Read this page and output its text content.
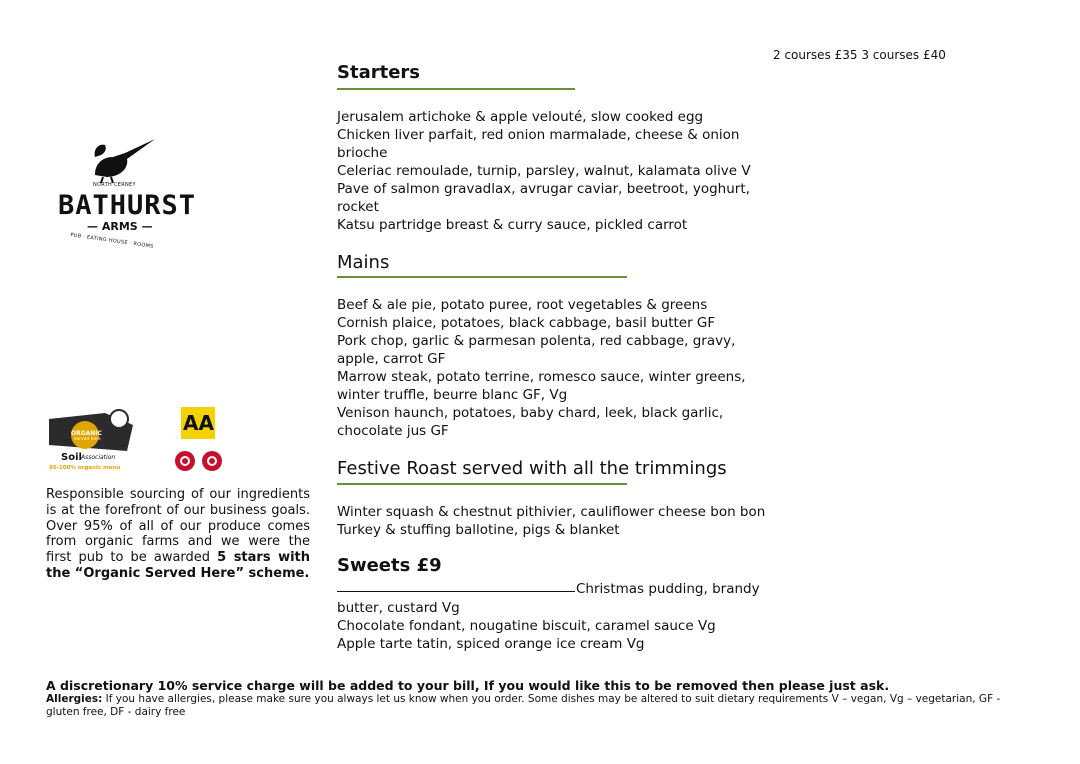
2 courses £35 3 courses £40
NORTH CERNEY
BATHURST
— ARMS —
PUB · EATING HOUSE · ROOMS
ORGANIC
served here
Soil Association
95-100% organic menu
AA
Responsible sourcing of our ingredients is at the forefront of our business goals. Over 95% of all of our produce comes from organic farms and we were the first pub to be awarded 5 stars with the “Organic Served Here” scheme.
Starters
Jerusalem artichoke & apple velouté, slow cooked egg
Chicken liver parfait, red onion marmalade, cheese & onion brioche
Celeriac remoulade, turnip, parsley, walnut, kalamata olive V
Pave of salmon gravadlax, avrugar caviar, beetroot, yoghurt, rocket
Katsu partridge breast & curry sauce, pickled carrot
Mains
Beef & ale pie, potato puree, root vegetables & greens
Cornish plaice, potatoes, black cabbage, basil butter GF
Pork chop, garlic & parmesan polenta, red cabbage, gravy, apple, carrot GF
Marrow steak, potato terrine, romesco sauce, winter greens, winter truffle, beurre blanc GF, Vg
Venison haunch, potatoes, baby chard, leek, black garlic, chocolate jus GF
Festive Roast served with all the trimmings
Winter squash & chestnut pithivier, cauliflower cheese bon bon
Turkey & stuffing ballotine, pigs & blanket
Sweets £9
Christmas pudding, brandy
butter, custard Vg
Chocolate fondant, nougatine biscuit, caramel sauce Vg
Apple tarte tatin, spiced orange ice cream Vg
A discretionary 10% service charge will be added to your bill, If you would like this to be removed then please just ask.
Allergies: If you have allergies, please make sure you always let us know when you order. Some dishes may be altered to suit dietary requirements V – vegan, Vg – vegetarian, GF - gluten free, DF - dairy free
